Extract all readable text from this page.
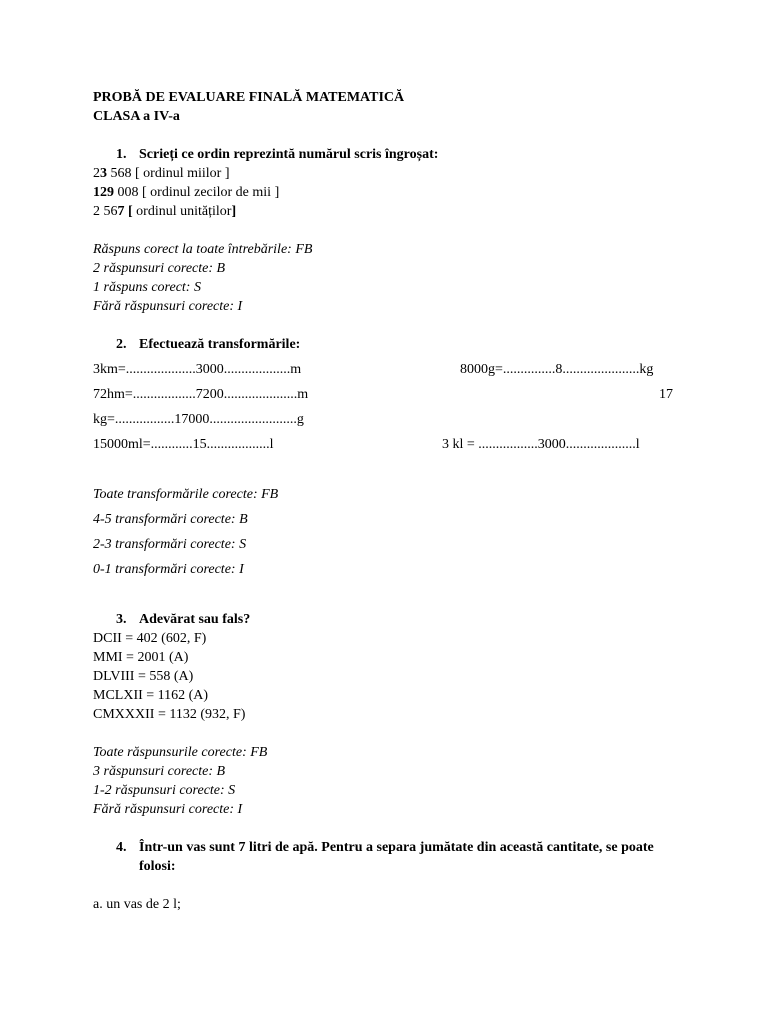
PROBĂ DE EVALUARE FINALĂ MATEMATICĂ
CLASA a IV-a
1. Scrieți ce ordin reprezintă numărul scris îngroșat:
23 568 [ ordinul miilor ]
129 008 [ ordinul zecilor de mii ]
2 567 [ ordinul unităților]
Răspuns corect la toate întrebările: FB
2 răspunsuri corecte: B
1 răspuns corect: S
Fără răspunsuri corecte: I
2. Efectuează transformările:
3km=....................3000...................m	8000g=...............8......................kg
72hm=..................7200.....................m	17
kg=.................17000.........................g
15000ml=............15..................l	3 kl = .................3000....................l
Toate transformările corecte: FB
4-5 transformări corecte: B
2-3 transformări corecte: S
0-1 transformări corecte: I
3. Adevărat sau fals?
DCII = 402 (602, F)
MMI = 2001 (A)
DLVIII = 558 (A)
MCLXII = 1162 (A)
CMXXXII = 1132 (932, F)
Toate răspunsurile corecte: FB
3 răspunsuri corecte: B
1-2 răspunsuri corecte: S
Fără răspunsuri corecte: I
4. Într-un vas sunt 7 litri de apă. Pentru a separa jumătate din această cantitate, se poate folosi:
a. un vas de 2 l;
